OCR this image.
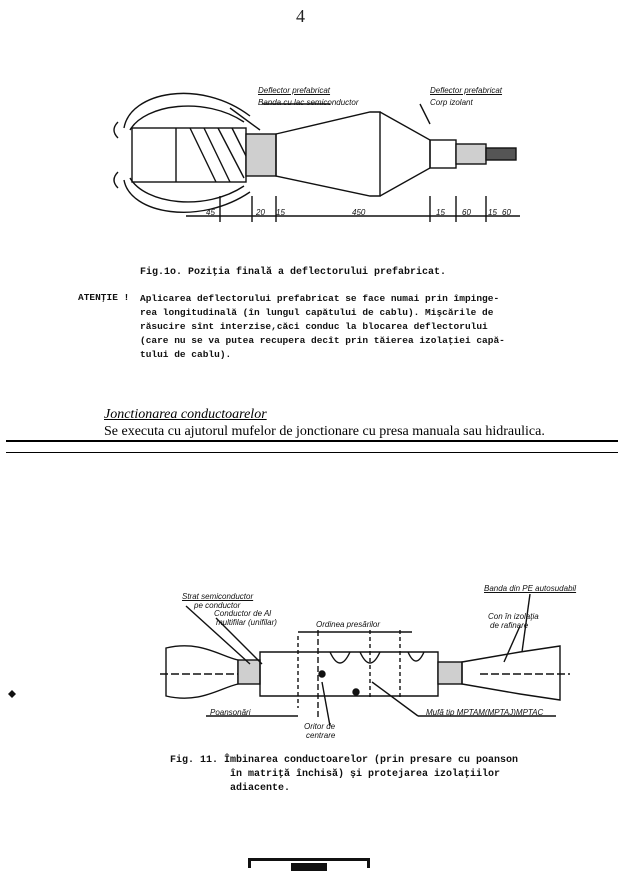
4
Deflector prefabricat
Banda cu lac semiconductor
Deflector prefabricat
Corp izolant
45	20 15	450	15 60 15 60
Fig.1o. Poziţia finală a deflectorului prefabricat.
ATENŢIE ! Aplicarea deflectorului prefabricat se face numai prin împinge-
rea longitudinală (în lungul capătului de cablu). Mişcările de
răsucire sînt interzise,căci conduc la blocarea deflectorului
(care nu se va putea recupera decît prin tăierea izolaţiei capă-
tului de cablu).
Jonctionarea conductoarelor
Se executa cu ajutorul mufelor de jonctionare cu presa manuala sau hidraulica.
Strat semiconductor
pe conductor
Conductor de Al
multifilar (unifilar)	Ordinea presărilor
Banda din PE autosudabil
Con în izolaţia
de rafinare
Poansonări
Oritor de
centrare
Mufă tip MPTAM(MPTAJ)MPTAC
Fig. 11. Îmbinarea conductoarelor (prin presare cu poanson
în matriţă închisă) şi protejarea izolaţiilor
adiacente.
